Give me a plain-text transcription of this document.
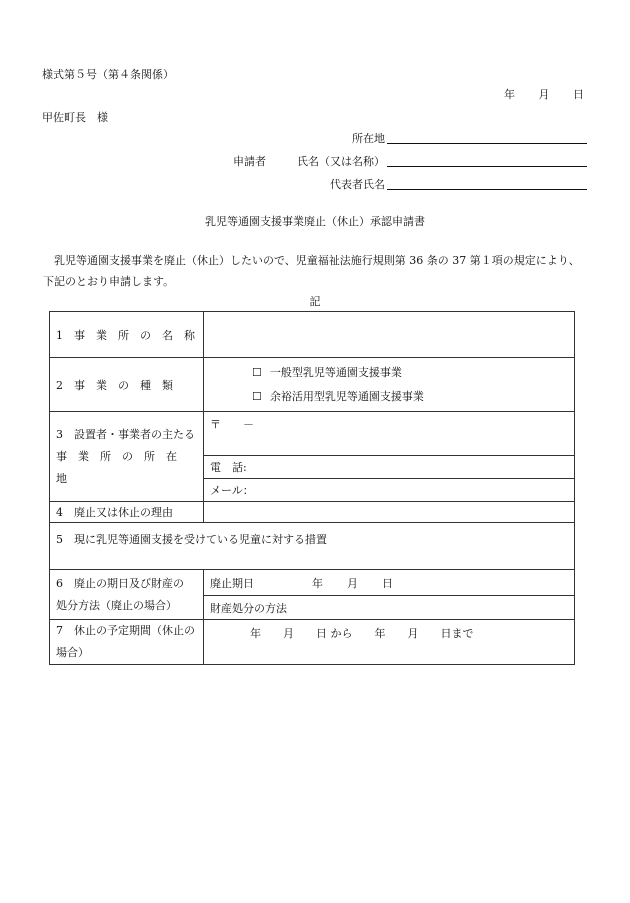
様式第５号（第４条関係）
年 月 日
甲佐町長　様
申請者
所在地
氏名（又は名称）
代表者氏名
乳児等通園支援事業廃止（休止）承認申請書
乳児等通園支援事業を廃止（休止）したいので、児童福祉法施行規則第 36 条の 37 第１項の規定により、下記のとおり申請します。
記
1　事　業　所　の　名　称	
2　事　業　の　種　類	☐ 一般型乳児等通園支援事業
☐ 余裕活用型乳児等通園支援事業

3　設置者・事業者の主たる
事　業　所　の　所　在　地	〒　　－
	電　話:
	メール：
4　廃止又は休止の理由	
5　現に乳児等通園支援を受けている児童に対する措置	

6　廃止の期日及び財産の
処分方法（廃止の場合）	廃止期日 年 月 日
	財産処分の方法

7　休止の予定期間（休止の
場合）	年　　月　　日 から　　年　　月　　日まで
